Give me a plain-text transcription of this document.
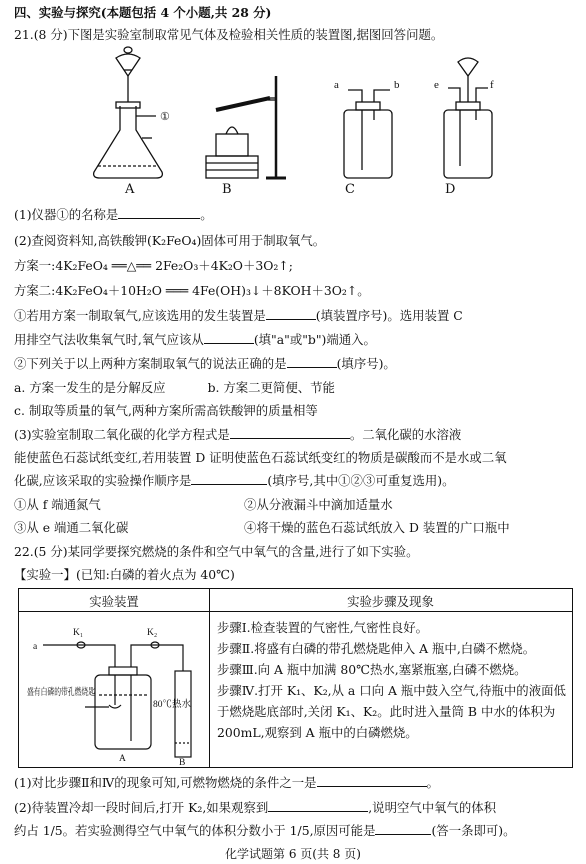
四、实验与探究(本题包括 4 个小题,共 28 分)
21.(8 分)下图是实验室制取常见气体及检验相关性质的装置图,据图回答问题。
①
a	b	e	f
A	B	C	D
(1)仪器①的名称是	。
(2)查阅资料知,高铁酸钾(K₂FeO₄)固体可用于制取氧气。
方案一:4K₂FeO₄ ══△══ 2Fe₂O₃＋4K₂O＋3O₂↑;
方案二:4K₂FeO₄＋10H₂O ═══ 4Fe(OH)₃↓＋8KOH＋3O₂↑。
①若用方案一制取氧气,应该选用的发生装置是	(填装置序号)。选用装置 C
用排空气法收集氧气时,氧气应该从	(填"a"或"b")端通入。
②下列关于以上两种方案制取氧气的说法正确的是	(填序号)。
a. 方案一发生的是分解反应	b. 方案二更简便、节能
c. 制取等质量的氧气,两种方案所需高铁酸钾的质量相等
(3)实验室制取二氧化碳的化学方程式是	。二氧化碳的水溶液
能使蓝色石蕊试纸变红,若用装置 D 证明使蓝色石蕊试纸变红的物质是碳酸而不是水或二氧
化碳,应该采取的实验操作顺序是	(填序号,其中①②③可重复选用)。
①从 f 端通氮气	②从分液漏斗中滴加适量水
③从 e 端通二氧化碳	④将干燥的蓝色石蕊试纸放入 D 装置的广口瓶中
22.(5 分)某同学要探究燃烧的条件和空气中氧气的含量,进行了如下实验。
【实验一】(已知:白磷的着火点为 40℃)
实验装置	实验步骤及现象
K₁	K₂
a
盛有白磷的带孔燃烧匙
80℃热水
A	B
步骤Ⅰ.检查装置的气密性,气密性良好。
步骤Ⅱ.将盛有白磷的带孔燃烧匙伸入 A 瓶中,白磷不燃烧。
步骤Ⅲ.向 A 瓶中加满 80℃热水,塞紧瓶塞,白磷不燃烧。
步骤Ⅳ.打开 K₁、K₂,从 a 口向 A 瓶中鼓入空气,待瓶中的液面低于燃烧匙底部时,关闭 K₁、K₂。此时进入量筒 B 中水的体积为 200mL,观察到 A 瓶中的白磷燃烧。
(1)对比步骤Ⅱ和Ⅳ的现象可知,可燃物燃烧的条件之一是	。
(2)待装置冷却一段时间后,打开 K₂,如果观察到	,说明空气中氧气的体积
约占 1/5。若实验测得空气中氧气的体积分数小于 1/5,原因可能是	(答一条即可)。
化学试题第 6 页(共 8 页)
